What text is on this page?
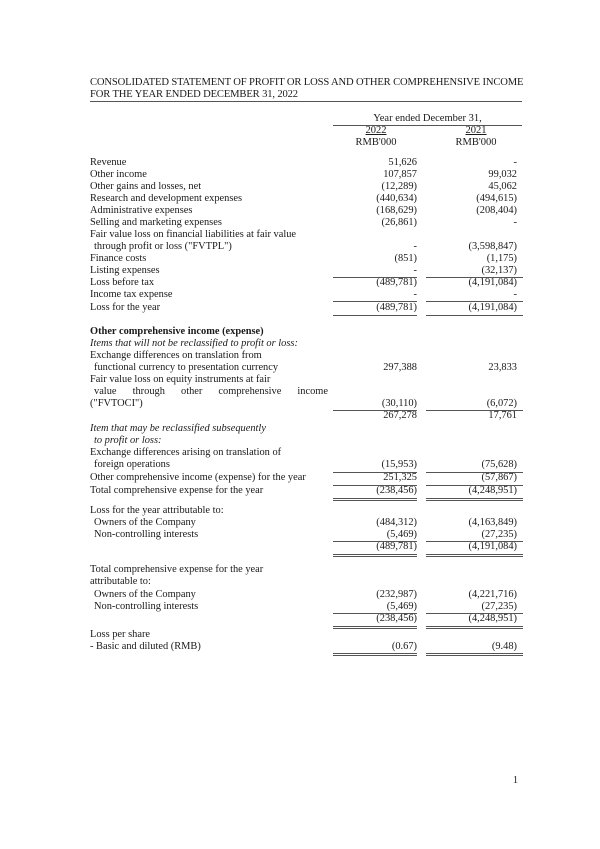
CONSOLIDATED STATEMENT OF PROFIT OR LOSS AND OTHER COMPREHENSIVE INCOME
FOR THE YEAR ENDED DECEMBER 31, 2022
Year ended December 31,
2022
RMB'000
2021
RMB'000
Revenue	51,626	-
Other income	107,857	99,032
Other gains and losses, net	(12,289)	45,062
Research and development expenses	(440,634)	(494,615)
Administrative expenses	(168,629)	(208,404)
Selling and marketing expenses	(26,861)	-
Fair value loss on financial liabilities at fair value
through profit or loss ("FVTPL")	-	(3,598,847)
Finance costs	(851)	(1,175)
Listing expenses	-	(32,137)
Loss before tax	(489,781)	(4,191,084)
Income tax expense	-	-
Loss for the year	(489,781)	(4,191,084)
Other comprehensive income (expense)
Items that will not be reclassified to profit or loss:
Exchange differences on translation from
functional currency to presentation currency	297,388	23,833
Fair value loss on equity instruments at fair
value through other comprehensive income
("FVTOCI")	(30,110)	(6,072)
267,278	17,761
Item that may be reclassified subsequently
to profit or loss:
Exchange differences arising on translation of
foreign operations	(15,953)	(75,628)
Other comprehensive income (expense) for the year	251,325	(57,867)
Total comprehensive expense for the year	(238,456)	(4,248,951)
Loss for the year attributable to:
Owners of the Company	(484,312)	(4,163,849)
Non-controlling interests	(5,469)	(27,235)
(489,781)	(4,191,084)
Total comprehensive expense for the year
attributable to:
Owners of the Company	(232,987)	(4,221,716)
Non-controlling interests	(5,469)	(27,235)
(238,456)	(4,248,951)
Loss per share
- Basic and diluted (RMB)	(0.67)	(9.48)
1
